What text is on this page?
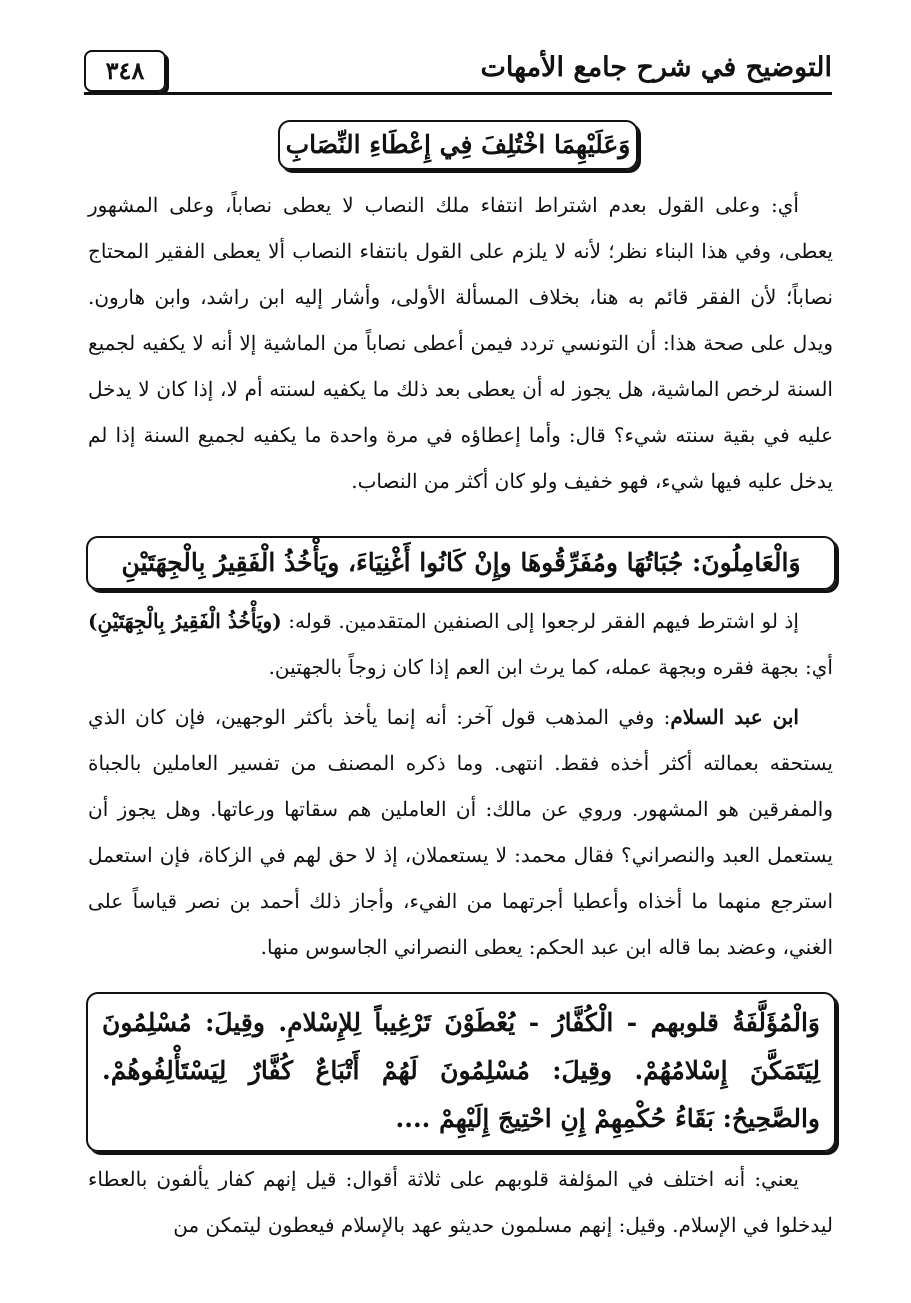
٣٤٨	التوضيح في شرح جامع الأمهات
وَعَلَيْهِمَا اخْتُلِفَ فِي إِعْطَاءِ النِّصَابِ
أي: وعلى القول بعدم اشتراط انتفاء ملك النصاب لا يعطى نصاباً، وعلى المشهور يعطى، وفي هذا البناء نظر؛ لأنه لا يلزم على القول بانتفاء النصاب ألا يعطى الفقير المحتاج نصاباً؛ لأن الفقر قائم به هنا، بخلاف المسألة الأولى، وأشار إليه ابن راشد، وابن هارون. ويدل على صحة هذا: أن التونسي تردد فيمن أعطى نصاباً من الماشية إلا أنه لا يكفيه لجميع السنة لرخص الماشية، هل يجوز له أن يعطى بعد ذلك ما يكفيه لسنته أم لا، إذا كان لا يدخل عليه في بقية سنته شيء؟ قال: وأما إعطاؤه في مرة واحدة ما يكفيه لجميع السنة إذا لم يدخل عليه فيها شيء، فهو خفيف ولو كان أكثر من النصاب.
وَالْعَامِلُونَ: جُبَاتُهَا ومُفَرِّقُوهَا وإِنْ كَانُوا أَغْنِيَاءَ، ويَأْخُذُ الْفَقِيرُ بِالْجِهَتَيْنِ
إذ لو اشترط فيهم الفقر لرجعوا إلى الصنفين المتقدمين. قوله: (ويَأْخُذُ الْفَقِيرُ بِالْجِهَتَيْنِ) أي: بجهة فقره وبجهة عمله، كما يرث ابن العم إذا كان زوجاً بالجهتين.
ابن عبد السلام: وفي المذهب قول آخر: أنه إنما يأخذ بأكثر الوجهين، فإن كان الذي يستحقه بعمالته أكثر أخذه فقط. انتهى. وما ذكره المصنف من تفسير العاملين بالجباة والمفرقين هو المشهور. وروي عن مالك: أن العاملين هم سقاتها ورعاتها. وهل يجوز أن يستعمل العبد والنصراني؟ فقال محمد: لا يستعملان، إذ لا حق لهم في الزكاة، فإن استعمل استرجع منهما ما أخذاه وأعطيا أجرتهما من الفيء، وأجاز ذلك أحمد بن نصر قياساً على الغني، وعضد بما قاله ابن عبد الحكم: يعطى النصراني الجاسوس منها.
وَالْمُؤَلَّفَةُ قلوبهم - الْكُفَّارُ - يُعْطَوْنَ تَرْغِيباً لِلإِسْلامِ. وقِيلَ: مُسْلِمُونَ لِيَتَمَكَّنَ إِسْلامُهُمْ. وقِيلَ: مُسْلِمُونَ لَهُمْ أَتْبَاعٌ كُفَّارٌ لِيَسْتَأْلِفُوهُمْ. والصَّحِيحُ: بَقَاءُ حُكْمِهِمْ إِنِ احْتِيجَ إِلَيْهِمْ ....
يعني: أنه اختلف في المؤلفة قلوبهم على ثلاثة أقوال: قيل إنهم كفار يألفون بالعطاء ليدخلوا في الإسلام. وقيل: إنهم مسلمون حديثو عهد بالإسلام فيعطون ليتمكن من
